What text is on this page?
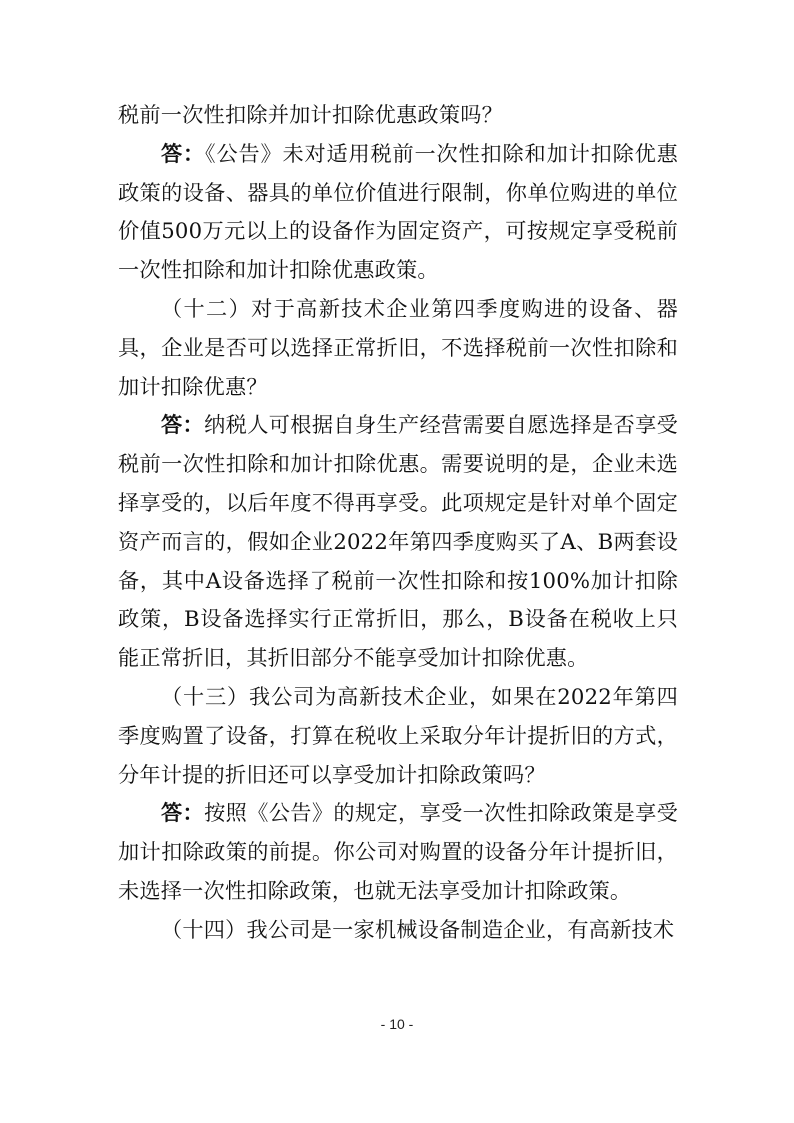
税前一次性扣除并加计扣除优惠政策吗？

答：《公告》未对适用税前一次性扣除和加计扣除优惠政策的设备、器具的单位价值进行限制，你单位购进的单位价值500万元以上的设备作为固定资产，可按规定享受税前一次性扣除和加计扣除优惠政策。

（十二）对于高新技术企业第四季度购进的设备、器具，企业是否可以选择正常折旧，不选择税前一次性扣除和加计扣除优惠？

答：纳税人可根据自身生产经营需要自愿选择是否享受税前一次性扣除和加计扣除优惠。需要说明的是，企业未选择享受的，以后年度不得再享受。此项规定是针对单个固定资产而言的，假如企业2022年第四季度购买了A、B两套设备，其中A设备选择了税前一次性扣除和按100%加计扣除政策，B设备选择实行正常折旧，那么，B设备在税收上只能正常折旧，其折旧部分不能享受加计扣除优惠。

（十三）我公司为高新技术企业，如果在2022年第四季度购置了设备，打算在税收上采取分年计提折旧的方式，分年计提的折旧还可以享受加计扣除政策吗？

答：按照《公告》的规定，享受一次性扣除政策是享受加计扣除政策的前提。你公司对购置的设备分年计提折旧，未选择一次性扣除政策，也就无法享受加计扣除政策。

（十四）我公司是一家机械设备制造企业，有高新技术

- 10 -
